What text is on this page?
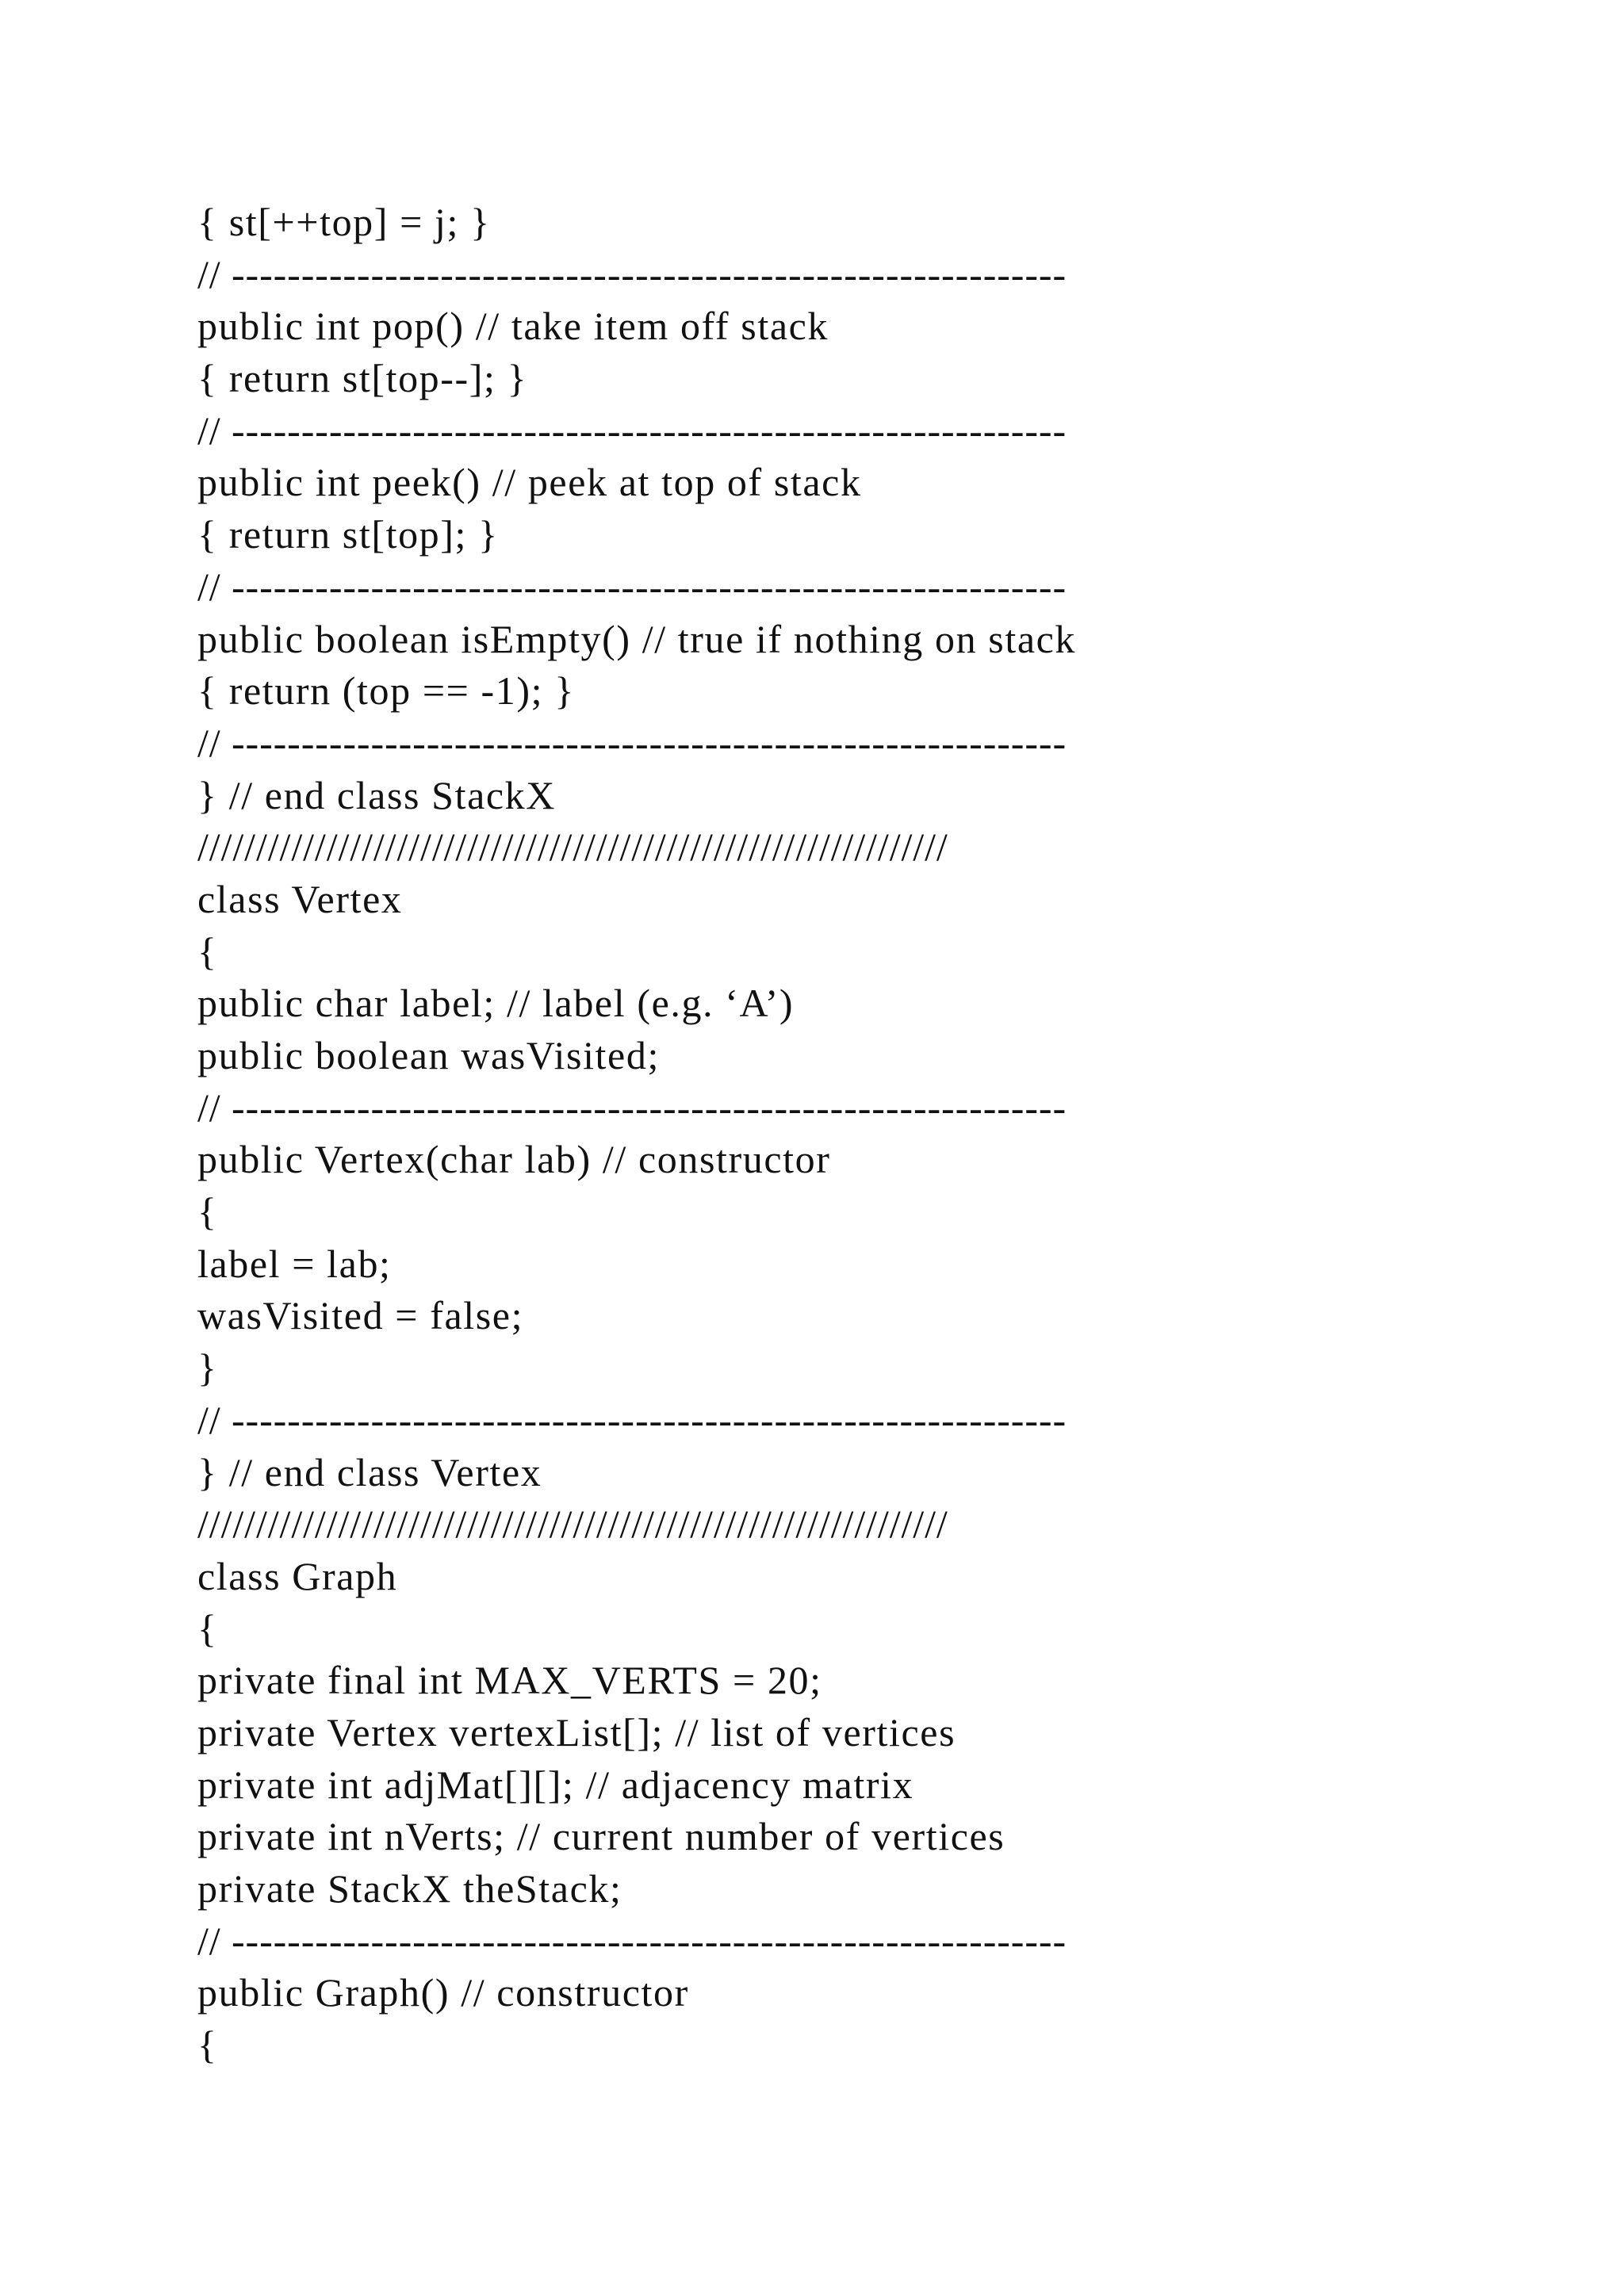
{ st[++top] = j; }
// ------------------------------------------------------------
public int pop() // take item off stack
{ return st[top--]; }
// ------------------------------------------------------------
public int peek() // peek at top of stack
{ return st[top]; }
// ------------------------------------------------------------
public boolean isEmpty() // true if nothing on stack
{ return (top == -1); }
// ------------------------------------------------------------
} // end class StackX
////////////////////////////////////////////////////////////////
class Vertex
{
public char label; // label (e.g. ‘A’)
public boolean wasVisited;
// ------------------------------------------------------------
public Vertex(char lab) // constructor
{
label = lab;
wasVisited = false;
}
// ------------------------------------------------------------
} // end class Vertex
////////////////////////////////////////////////////////////////
class Graph
{
private final int MAX_VERTS = 20;
private Vertex vertexList[]; // list of vertices
private int adjMat[][]; // adjacency matrix
private int nVerts; // current number of vertices
private StackX theStack;
// ------------------------------------------------------------
public Graph() // constructor
{
